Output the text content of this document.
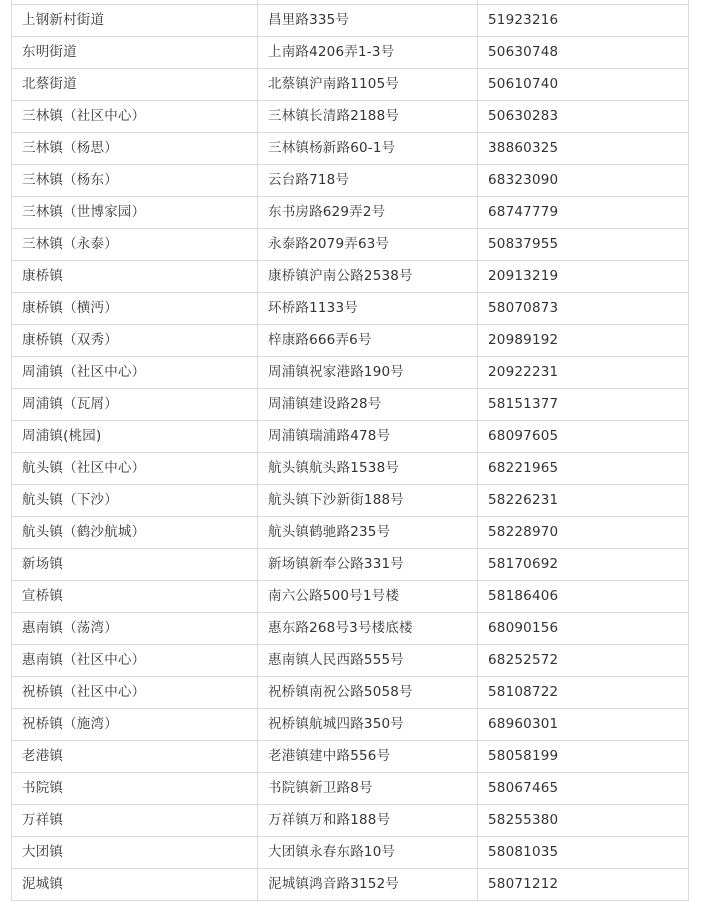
上钢新村街道	昌里路335号	51923216
东明街道	上南路4206弄1-3号	50630748
北蔡街道	北蔡镇沪南路1105号	50610740
三林镇（社区中心）	三林镇长清路2188号	50630283
三林镇（杨思）	三林镇杨新路60-1号	38860325
三林镇（杨东）	云台路718号	68323090
三林镇（世博家园）	东书房路629弄2号	68747779
三林镇（永泰）	永泰路2079弄63号	50837955
康桥镇	康桥镇沪南公路2538号	20913219
康桥镇（横沔）	环桥路1133号	58070873
康桥镇（双秀）	梓康路666弄6号	20989192
周浦镇（社区中心）	周浦镇祝家港路190号	20922231
周浦镇（瓦屑）	周浦镇建设路28号	58151377
周浦镇(桃园)	周浦镇瑞浦路478号	68097605
航头镇（社区中心）	航头镇航头路1538号	68221965
航头镇（下沙）	航头镇下沙新街188号	58226231
航头镇（鹤沙航城）	航头镇鹤驰路235号	58228970
新场镇	新场镇新奉公路331号	58170692
宣桥镇	南六公路500号1号楼	58186406
惠南镇（荡湾）	惠东路268号3号楼底楼	68090156
惠南镇（社区中心）	惠南镇人民西路555号	68252572
祝桥镇（社区中心）	祝桥镇南祝公路5058号	58108722
祝桥镇（施湾）	祝桥镇航城四路350号	68960301
老港镇	老港镇建中路556号	58058199
书院镇	书院镇新卫路8号	58067465
万祥镇	万祥镇万和路188号	58255380
大团镇	大团镇永春东路10号	58081035
泥城镇	泥城镇鸿音路3152号	58071212
